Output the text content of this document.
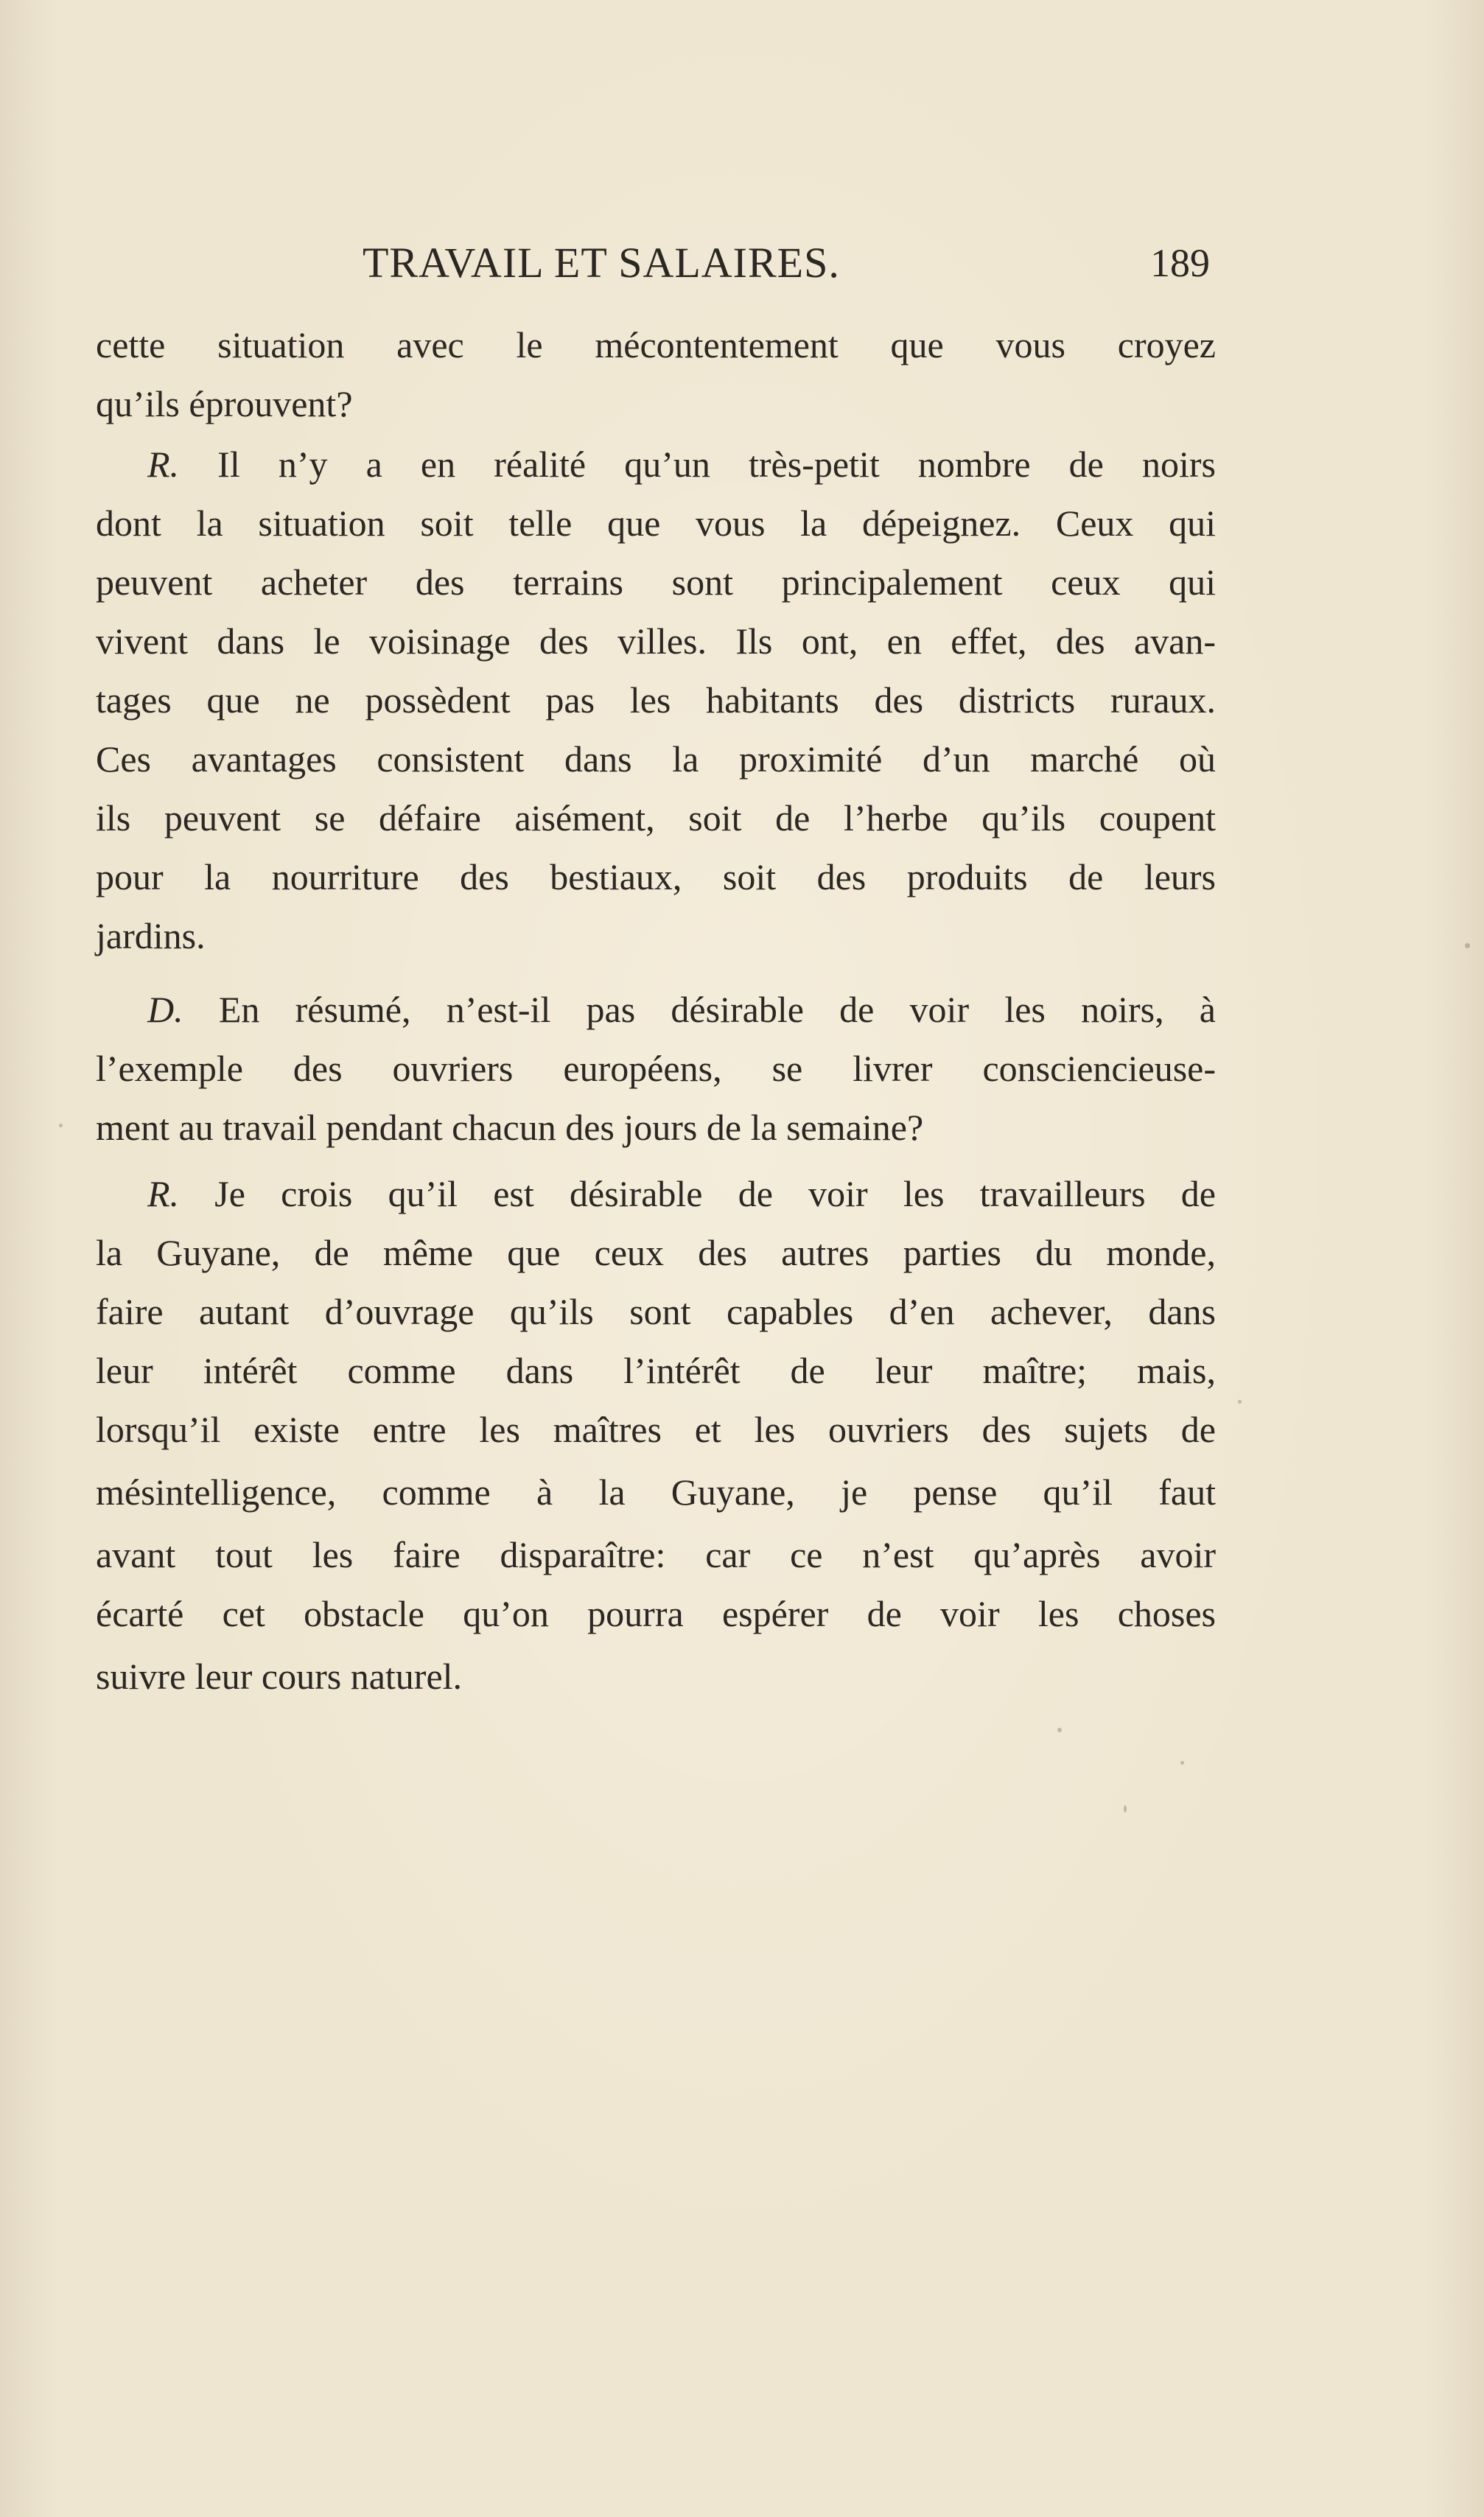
TRAVAIL ET SALAIRES.	189
cette situation avec le mécontentement que vous croyez
qu’ils éprouvent?
R. Il n’y a en réalité qu’un très-petit nombre de noirs
dont la situation soit telle que vous la dépeignez. Ceux qui
peuvent acheter des terrains sont principalement ceux qui
vivent dans le voisinage des villes. Ils ont, en effet, des avan-
tages que ne possèdent pas les habitants des districts ruraux.
Ces avantages consistent dans la proximité d’un marché où
ils peuvent se défaire aisément, soit de l’herbe qu’ils coupent
pour la nourriture des bestiaux, soit des produits de leurs
jardins.
D. En résumé, n’est-il pas désirable de voir les noirs, à
l’exemple des ouvriers européens, se livrer consciencieuse-
ment au travail pendant chacun des jours de la semaine?
R. Je crois qu’il est désirable de voir les travailleurs de
la Guyane, de même que ceux des autres parties du monde,
faire autant d’ouvrage qu’ils sont capables d’en achever, dans
leur intérêt comme dans l’intérêt de leur maître; mais,
lorsqu’il existe entre les maîtres et les ouvriers des sujets de
mésintelligence, comme à la Guyane, je pense qu’il faut
avant tout les faire disparaître: car ce n’est qu’après avoir
écarté cet obstacle qu’on pourra espérer de voir les choses
suivre leur cours naturel.
